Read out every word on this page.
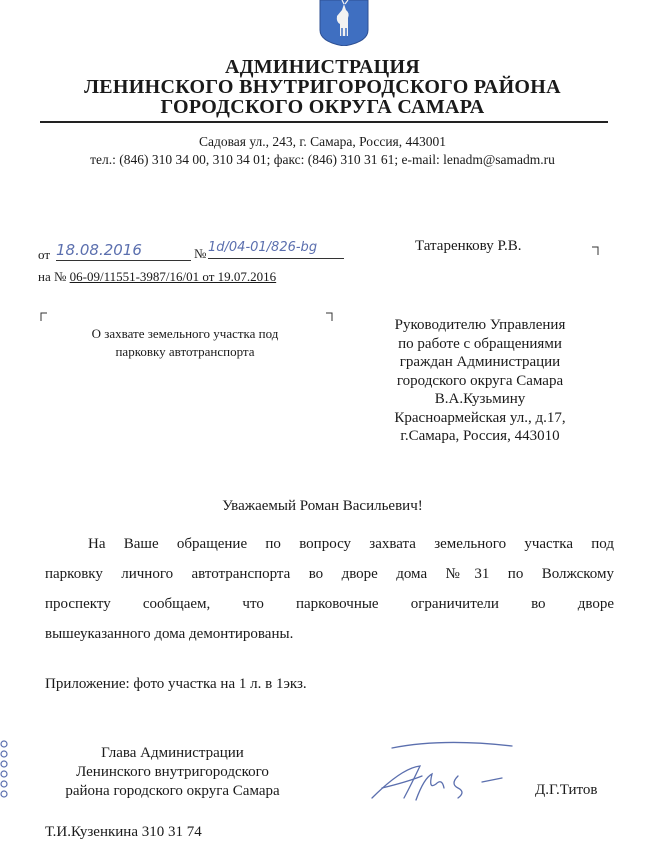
АДМИНИСТРАЦИЯ

ЛЕНИНСКОГО ВНУТРИГОРОДСКОГО РАЙОНА

ГОРОДСКОГО ОКРУГА САМАРА

Садовая ул., 243, г. Самара, Россия, 443001

тел.: (846) 310 34 00, 310 34 01; факс: (846) 310 31 61; e-mail: lenadm@samadm.ru

от 18.08.2016	№ 1d/04-01/826-bg
на № 06-09/11551-3987/16/01 от 19.07.2016

Татаренкову Р.В.

О захвате земельного участка под
парковку автотранспорта

Руководителю Управления

по работе с обращениями

граждан Администрации

городского округа Самара

В.А.Кузьмину

Красноармейская ул., д.17,

г.Самара, Россия, 443010

Уважаемый Роман Васильевич!

На Ваше обращение по вопросу захвата земельного участка под

парковку личного автотранспорта во дворе дома №31 по Волжскому

проспекту сообщаем, что парковочные ограничители во дворе

вышеуказанного дома демонтированы.

Приложение: фото участка на 1 л. в 1экз.

Глава Администрации
Ленинского внутригородского
района городского округа Самара	Д.Г.Титов

Т.И.Кузенкина 310 31 74
